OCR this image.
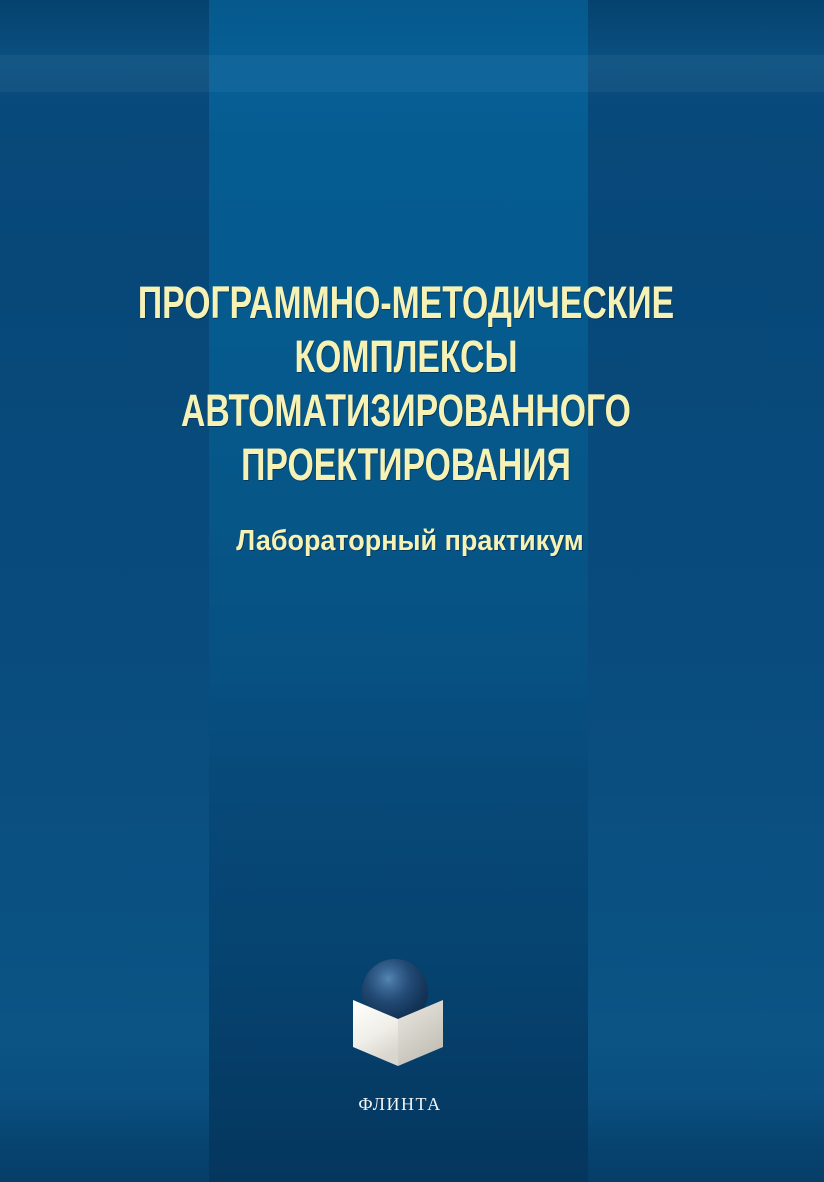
ПРОГРАММНО-МЕТОДИЧЕСКИЕ
КОМПЛЕКСЫ
АВТОМАТИЗИРОВАННОГО
ПРОЕКТИРОВАНИЯ
Лабораторный практикум
ФЛИНТА
